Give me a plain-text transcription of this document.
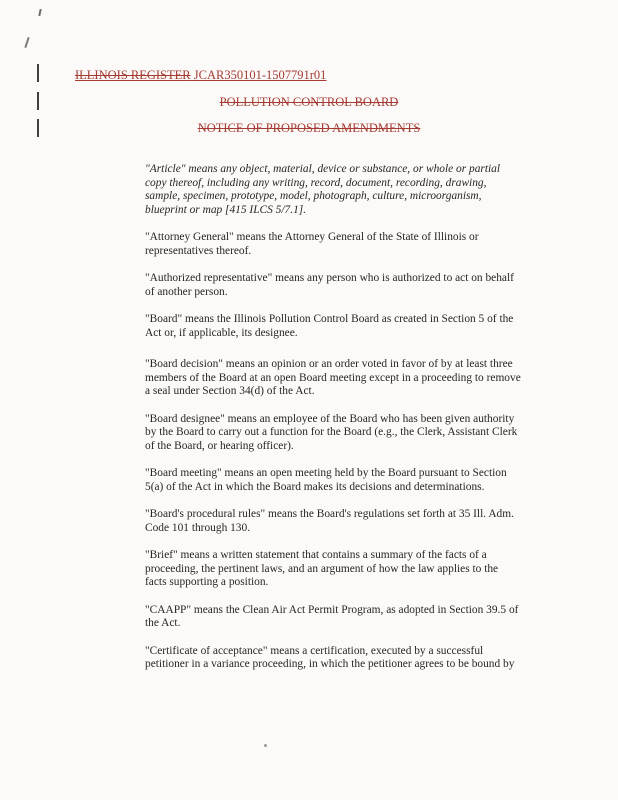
ILLINOIS REGISTER JCAR350101-1507791r01
POLLUTION CONTROL BOARD
NOTICE OF PROPOSED AMENDMENTS

"Article" means any object, material, device or substance, or whole or partial copy thereof, including any writing, record, document, recording, drawing, sample, specimen, prototype, model, photograph, culture, microorganism, blueprint or map [415 ILCS 5/7.1].

"Attorney General" means the Attorney General of the State of Illinois or representatives thereof.

"Authorized representative" means any person who is authorized to act on behalf of another person.

"Board" means the Illinois Pollution Control Board as created in Section 5 of the Act or, if applicable, its designee.

"Board decision" means an opinion or an order voted in favor of by at least three members of the Board at an open Board meeting except in a proceeding to remove a seal under Section 34(d) of the Act.

"Board designee" means an employee of the Board who has been given authority by the Board to carry out a function for the Board (e.g., the Clerk, Assistant Clerk of the Board, or hearing officer).

"Board meeting" means an open meeting held by the Board pursuant to Section 5(a) of the Act in which the Board makes its decisions and determinations.

"Board's procedural rules" means the Board's regulations set forth at 35 Ill. Adm. Code 101 through 130.

"Brief" means a written statement that contains a summary of the facts of a proceeding, the pertinent laws, and an argument of how the law applies to the facts supporting a position.

"CAAPP" means the Clean Air Act Permit Program, as adopted in Section 39.5 of the Act.

"Certificate of acceptance" means a certification, executed by a successful petitioner in a variance proceeding, in which the petitioner agrees to be bound by
